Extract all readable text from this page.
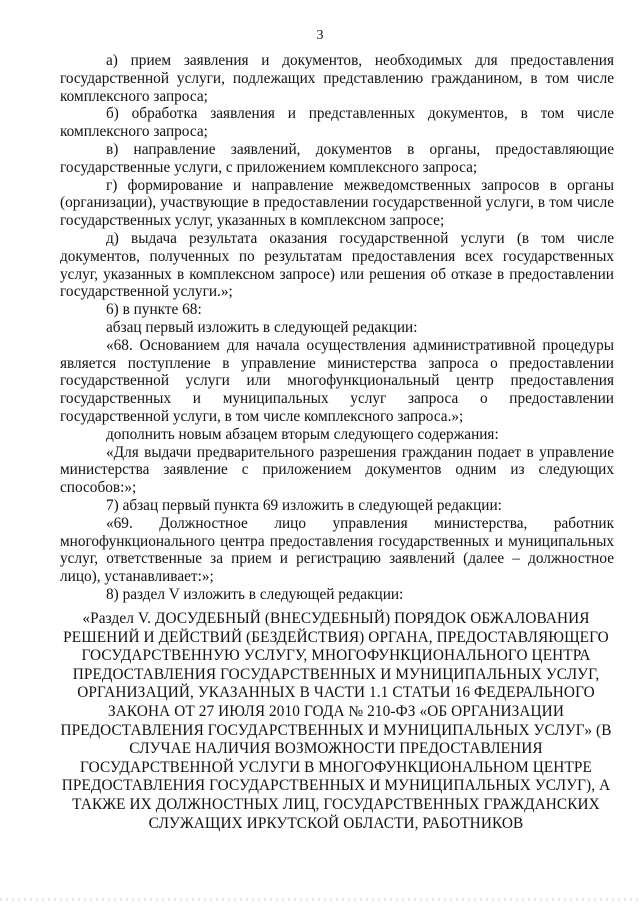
3

а) прием заявления и документов, необходимых для предоставления государственной услуги, подлежащих представлению гражданином, в том числе комплексного запроса;

б) обработка заявления и представленных документов, в том числе комплексного запроса;

в) направление заявлений, документов в органы, предоставляющие государственные услуги, с приложением комплексного запроса;

г) формирование и направление межведомственных запросов в органы (организации), участвующие в предоставлении государственной услуги, в том числе государственных услуг, указанных в комплексном запросе;

д) выдача результата оказания государственной услуги (в том числе документов, полученных по результатам предоставления всех государственных услуг, указанных в комплексном запросе) или решения об отказе в предоставлении государственной услуги.»;

6) в пункте 68:

абзац первый изложить в следующей редакции:

«68. Основанием для начала осуществления административной процедуры является поступление в управление министерства запроса о предоставлении государственной услуги или многофункциональный центр предоставления государственных и муниципальных услуг запроса о предоставлении государственной услуги, в том числе комплексного запроса.»;

дополнить новым абзацем вторым следующего содержания:

«Для выдачи предварительного разрешения гражданин подает в управление министерства заявление с приложением документов одним из следующих способов:»;

7) абзац первый пункта 69 изложить в следующей редакции:

«69. Должностное лицо управления министерства, работник многофункционального центра предоставления государственных и муниципальных услуг, ответственные за прием и регистрацию заявлений (далее – должностное лицо), устанавливает:»;

8) раздел V изложить в следующей редакции:

«Раздел V. ДОСУДЕБНЫЙ (ВНЕСУДЕБНЫЙ) ПОРЯДОК ОБЖАЛОВАНИЯ РЕШЕНИЙ И ДЕЙСТВИЙ (БЕЗДЕЙСТВИЯ) ОРГАНА, ПРЕДОСТАВЛЯЮЩЕГО ГОСУДАРСТВЕННУЮ УСЛУГУ, МНОГОФУНКЦИОНАЛЬНОГО ЦЕНТРА ПРЕДОСТАВЛЕНИЯ ГОСУДАРСТВЕННЫХ И МУНИЦИПАЛЬНЫХ УСЛУГ, ОРГАНИЗАЦИЙ, УКАЗАННЫХ В ЧАСТИ 1.1 СТАТЬИ 16 ФЕДЕРАЛЬНОГО ЗАКОНА ОТ 27 ИЮЛЯ 2010 ГОДА № 210-ФЗ «ОБ ОРГАНИЗАЦИИ ПРЕДОСТАВЛЕНИЯ ГОСУДАРСТВЕННЫХ И МУНИЦИПАЛЬНЫХ УСЛУГ» (В СЛУЧАЕ НАЛИЧИЯ ВОЗМОЖНОСТИ ПРЕДОСТАВЛЕНИЯ ГОСУДАРСТВЕННОЙ УСЛУГИ В МНОГОФУНКЦИОНАЛЬНОМ ЦЕНТРЕ ПРЕДОСТАВЛЕНИЯ ГОСУДАРСТВЕННЫХ И МУНИЦИПАЛЬНЫХ УСЛУГ), А ТАКЖЕ ИХ ДОЛЖНОСТНЫХ ЛИЦ, ГОСУДАРСТВЕННЫХ ГРАЖДАНСКИХ СЛУЖАЩИХ ИРКУТСКОЙ ОБЛАСТИ, РАБОТНИКОВ
